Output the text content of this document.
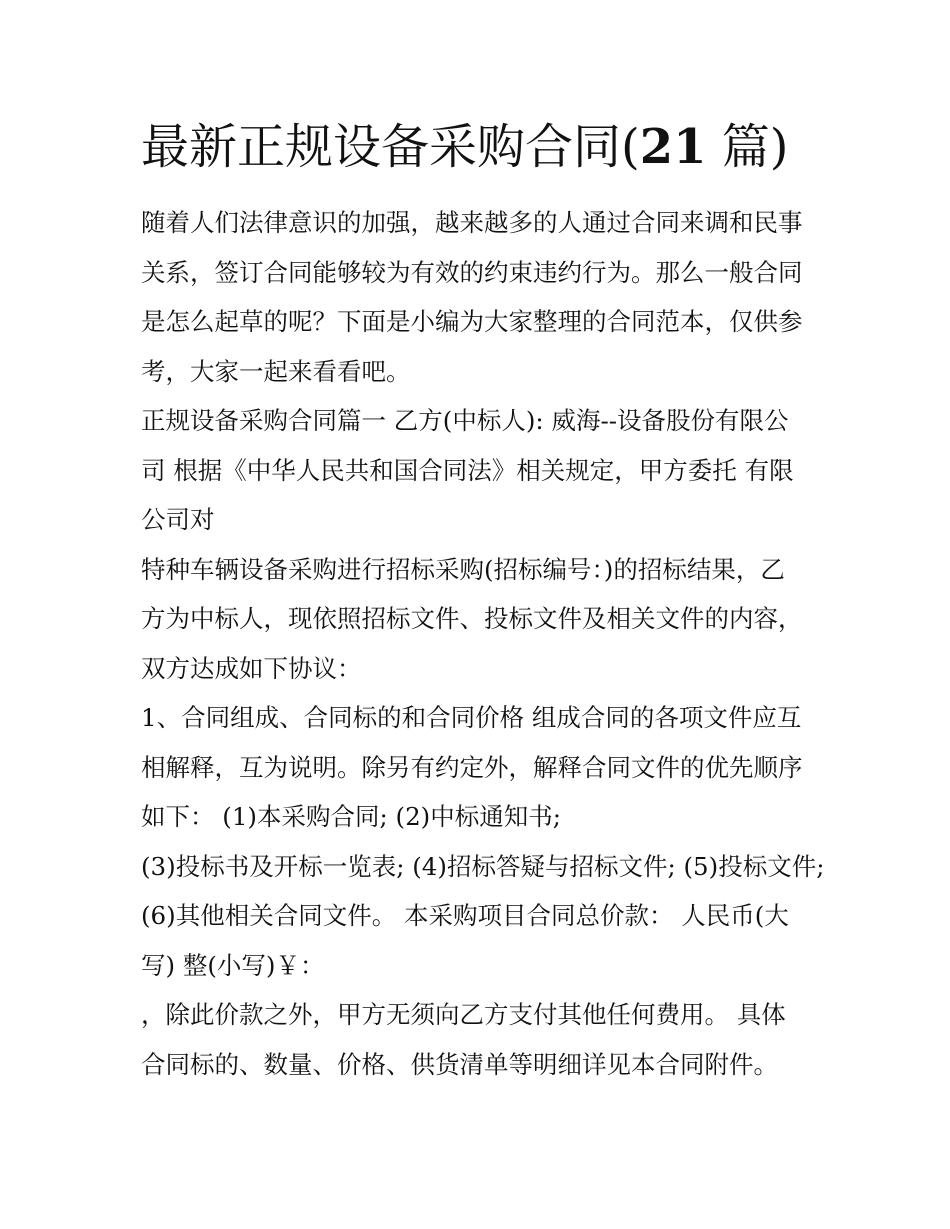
最新正规设备采购合同(21 篇)
随着人们法律意识的加强，越来越多的人通过合同来调和民事
关系，签订合同能够较为有效的约束违约行为。那么一般合同
是怎么起草的呢？下面是小编为大家整理的合同范本，仅供参
考，大家一起来看看吧。
正规设备采购合同篇一 乙方(中标人): 威海--设备股份有限公
司 根据《中华人民共和国合同法》相关规定，甲方委托 有限
公司对
特种车辆设备采购进行招标采购(招标编号：)的招标结果，乙
方为中标人，现依照招标文件、投标文件及相关文件的内容，
双方达成如下协议：
1、合同组成、合同标的和合同价格 组成合同的各项文件应互
相解释，互为说明。除另有约定外，解释合同文件的优先顺序
如下： (1)本采购合同; (2)中标通知书;
(3)投标书及开标一览表; (4)招标答疑与招标文件; (5)投标文件;
(6)其他相关合同文件。 本采购项目合同总价款： 人民币(大
写) 整(小写)￥：
，除此价款之外，甲方无须向乙方支付其他任何费用。 具体
合同标的、数量、价格、供货清单等明细详见本合同附件。
